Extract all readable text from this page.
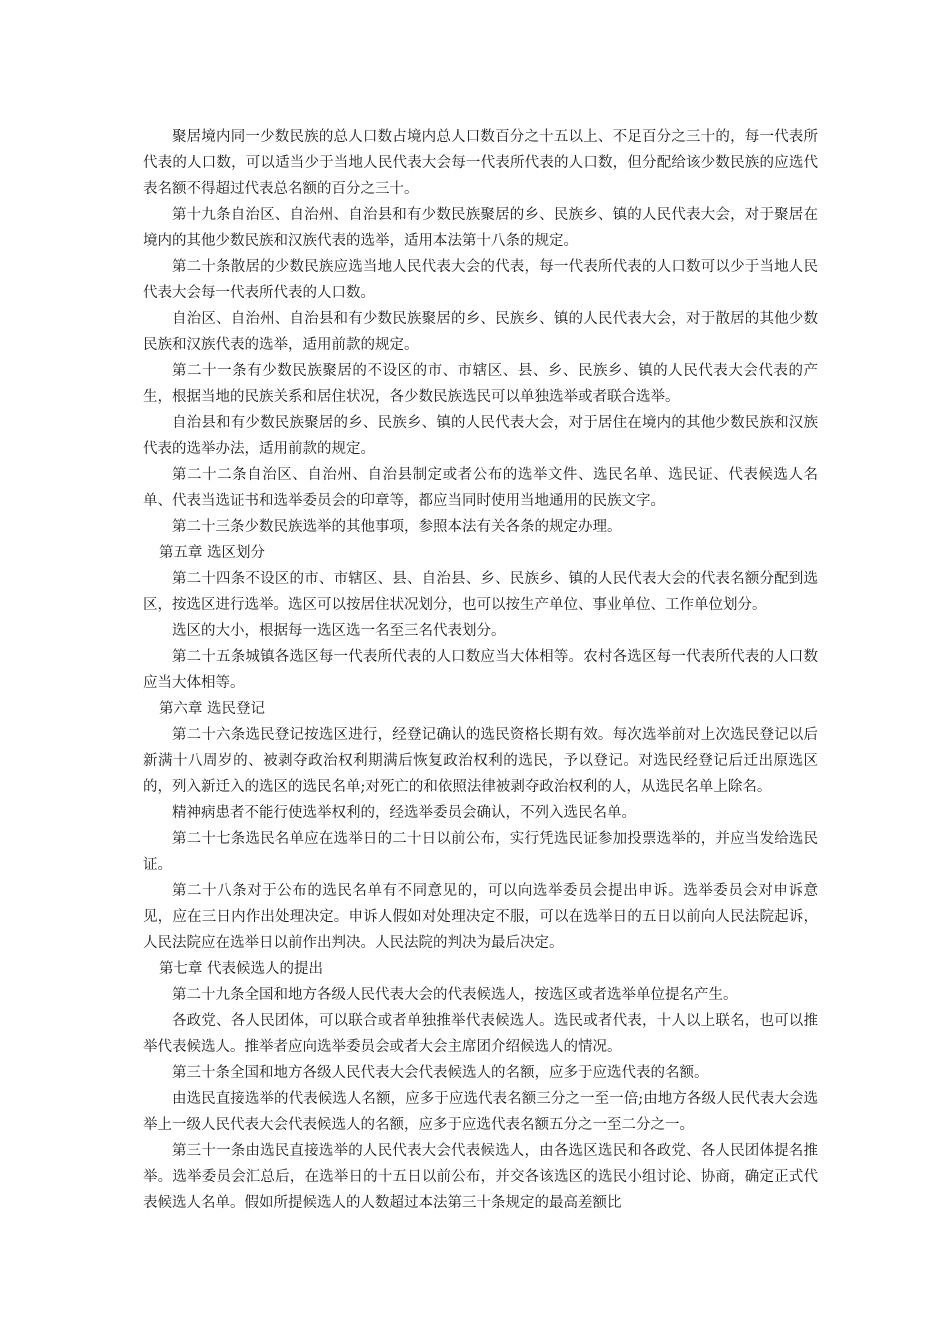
聚居境内同一少数民族的总人口数占境内总人口数百分之十五以上、不足百分之三十的，每一代表所代表的人口数，可以适当少于当地人民代表大会每一代表所代表的人口数，但分配给该少数民族的应选代表名额不得超过代表总名额的百分之三十。

第十九条自治区、自治州、自治县和有少数民族聚居的乡、民族乡、镇的人民代表大会，对于聚居在境内的其他少数民族和汉族代表的选举，适用本法第十八条的规定。

第二十条散居的少数民族应选当地人民代表大会的代表，每一代表所代表的人口数可以少于当地人民代表大会每一代表所代表的人口数。

自治区、自治州、自治县和有少数民族聚居的乡、民族乡、镇的人民代表大会，对于散居的其他少数民族和汉族代表的选举，适用前款的规定。

第二十一条有少数民族聚居的不设区的市、市辖区、县、乡、民族乡、镇的人民代表大会代表的产生，根据当地的民族关系和居住状况，各少数民族选民可以单独选举或者联合选举。

自治县和有少数民族聚居的乡、民族乡、镇的人民代表大会，对于居住在境内的其他少数民族和汉族代表的选举办法，适用前款的规定。

第二十二条自治区、自治州、自治县制定或者公布的选举文件、选民名单、选民证、代表候选人名单、代表当选证书和选举委员会的印章等，都应当同时使用当地通用的民族文字。

第二十三条少数民族选举的其他事项，参照本法有关各条的规定办理。

第五章 选区划分

第二十四条不设区的市、市辖区、县、自治县、乡、民族乡、镇的人民代表大会的代表名额分配到选区，按选区进行选举。选区可以按居住状况划分，也可以按生产单位、事业单位、工作单位划分。

选区的大小，根据每一选区选一名至三名代表划分。

第二十五条城镇各选区每一代表所代表的人口数应当大体相等。农村各选区每一代表所代表的人口数应当大体相等。

第六章 选民登记

第二十六条选民登记按选区进行，经登记确认的选民资格长期有效。每次选举前对上次选民登记以后新满十八周岁的、被剥夺政治权利期满后恢复政治权利的选民，予以登记。对选民经登记后迁出原选区的，列入新迁入的选区的选民名单;对死亡的和依照法律被剥夺政治权利的人，从选民名单上除名。

精神病患者不能行使选举权利的，经选举委员会确认，不列入选民名单。

第二十七条选民名单应在选举日的二十日以前公布，实行凭选民证参加投票选举的，并应当发给选民证。

第二十八条对于公布的选民名单有不同意见的，可以向选举委员会提出申诉。选举委员会对申诉意见，应在三日内作出处理决定。申诉人假如对处理决定不服，可以在选举日的五日以前向人民法院起诉，人民法院应在选举日以前作出判决。人民法院的判决为最后决定。

第七章 代表候选人的提出

第二十九条全国和地方各级人民代表大会的代表候选人，按选区或者选举单位提名产生。

各政党、各人民团体，可以联合或者单独推举代表候选人。选民或者代表，十人以上联名，也可以推举代表候选人。推举者应向选举委员会或者大会主席团介绍候选人的情况。

第三十条全国和地方各级人民代表大会代表候选人的名额，应多于应选代表的名额。

由选民直接选举的代表候选人名额，应多于应选代表名额三分之一至一倍;由地方各级人民代表大会选举上一级人民代表大会代表候选人的名额，应多于应选代表名额五分之一至二分之一。

第三十一条由选民直接选举的人民代表大会代表候选人，由各选区选民和各政党、各人民团体提名推举。选举委员会汇总后，在选举日的十五日以前公布，并交各该选区的选民小组讨论、协商，确定正式代表候选人名单。假如所提候选人的人数超过本法第三十条规定的最高差额比
